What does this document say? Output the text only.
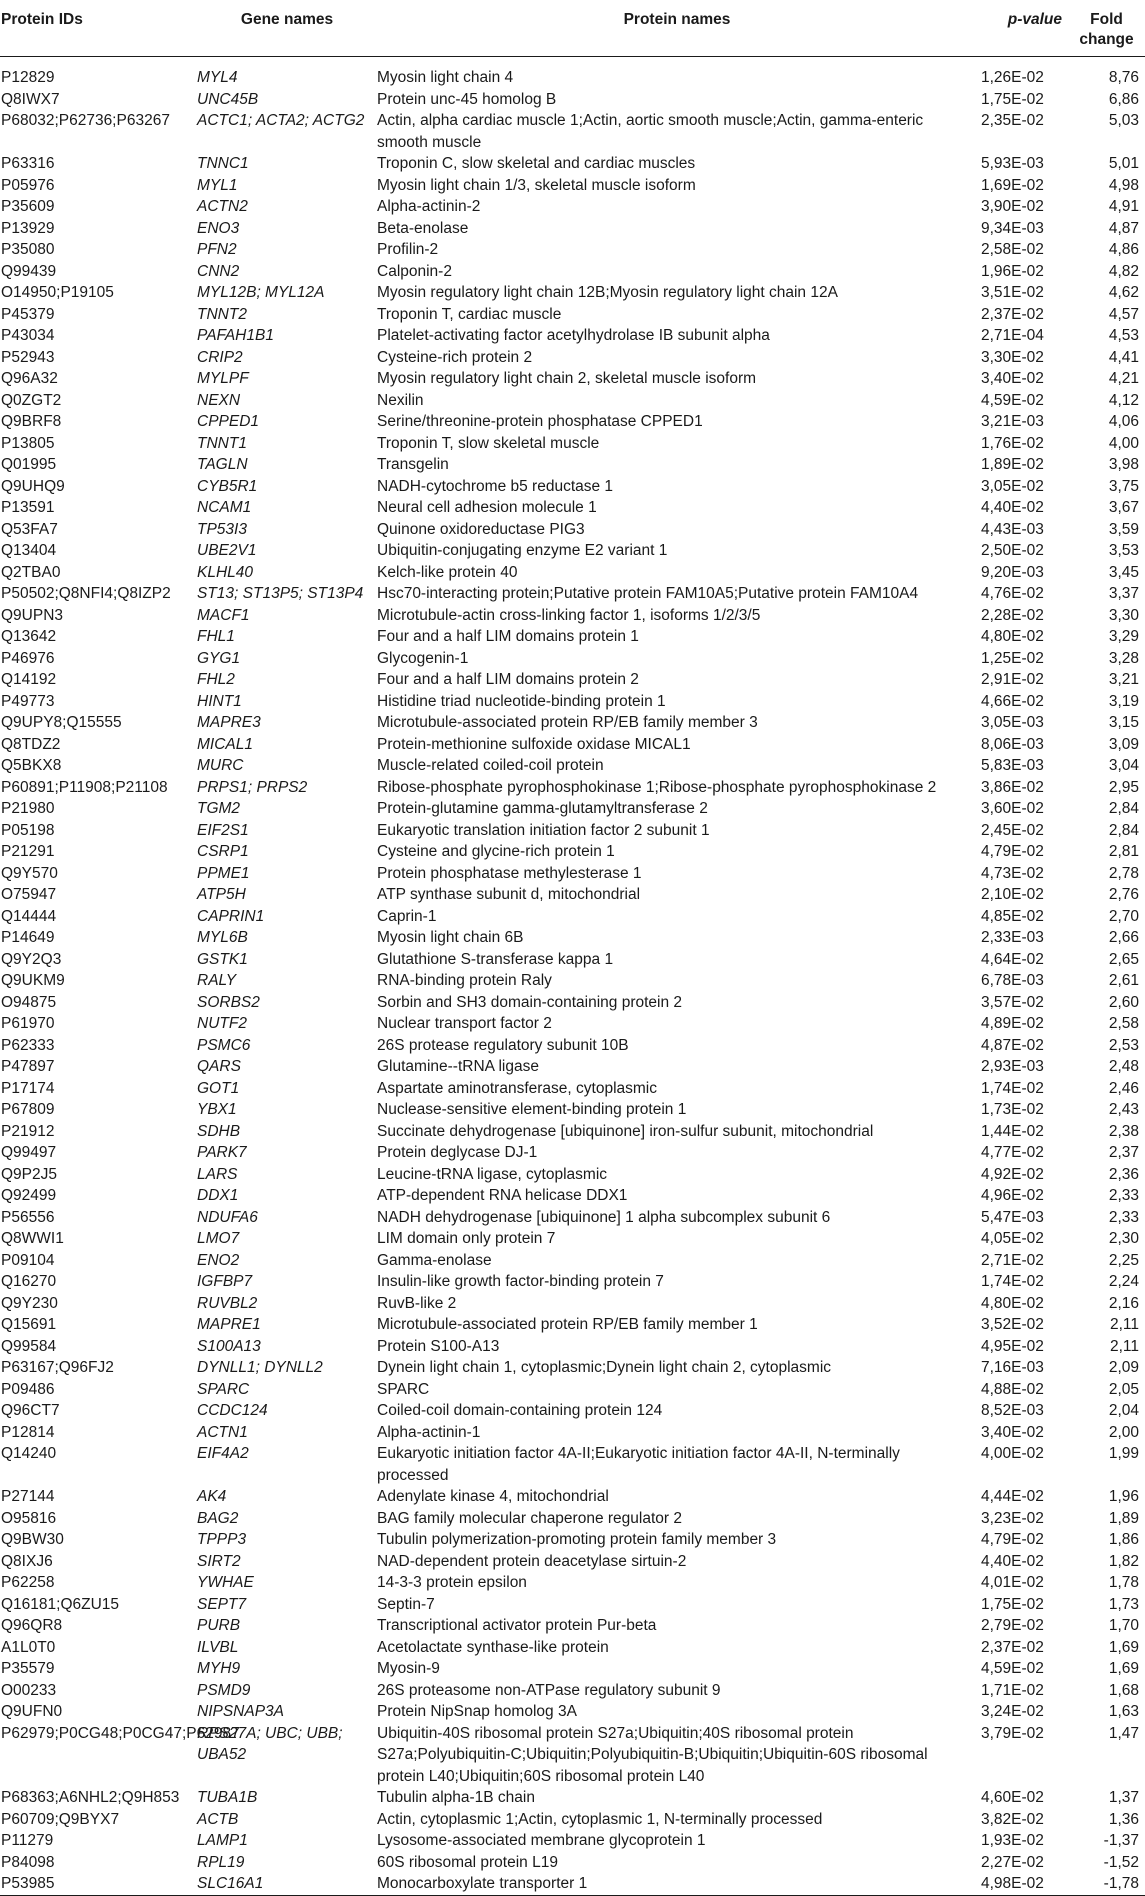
Protein IDs	Gene names	Protein names	p-value	Fold change

P12829	MYL4	Myosin light chain 4	1,26E-02	8,76
Q8IWX7	UNC45B	Protein unc-45 homolog B	1,75E-02	6,86
P68032;P62736;P63267	ACTC1; ACTA2; ACTG2	Actin, alpha cardiac muscle 1;Actin, aortic smooth muscle;Actin, gamma-enteric smooth muscle	2,35E-02	5,03
P63316	TNNC1	Troponin C, slow skeletal and cardiac muscles	5,93E-03	5,01
P05976	MYL1	Myosin light chain 1/3, skeletal muscle isoform	1,69E-02	4,98
P35609	ACTN2	Alpha-actinin-2	3,90E-02	4,91
P13929	ENO3	Beta-enolase	9,34E-03	4,87
P35080	PFN2	Profilin-2	2,58E-02	4,86
Q99439	CNN2	Calponin-2	1,96E-02	4,82
O14950;P19105	MYL12B; MYL12A	Myosin regulatory light chain 12B;Myosin regulatory light chain 12A	3,51E-02	4,62
P45379	TNNT2	Troponin T, cardiac muscle	2,37E-02	4,57
P43034	PAFAH1B1	Platelet-activating factor acetylhydrolase IB subunit alpha	2,71E-04	4,53
P52943	CRIP2	Cysteine-rich protein 2	3,30E-02	4,41
Q96A32	MYLPF	Myosin regulatory light chain 2, skeletal muscle isoform	3,40E-02	4,21
Q0ZGT2	NEXN	Nexilin	4,59E-02	4,12
Q9BRF8	CPPED1	Serine/threonine-protein phosphatase CPPED1	3,21E-03	4,06
P13805	TNNT1	Troponin T, slow skeletal muscle	1,76E-02	4,00
Q01995	TAGLN	Transgelin	1,89E-02	3,98
Q9UHQ9	CYB5R1	NADH-cytochrome b5 reductase 1	3,05E-02	3,75
P13591	NCAM1	Neural cell adhesion molecule 1	4,40E-02	3,67
Q53FA7	TP53I3	Quinone oxidoreductase PIG3	4,43E-03	3,59
Q13404	UBE2V1	Ubiquitin-conjugating enzyme E2 variant 1	2,50E-02	3,53
Q2TBA0	KLHL40	Kelch-like protein 40	9,20E-03	3,45
P50502;Q8NFI4;Q8IZP2	ST13; ST13P5; ST13P4	Hsc70-interacting protein;Putative protein FAM10A5;Putative protein FAM10A4	4,76E-02	3,37
Q9UPN3	MACF1	Microtubule-actin cross-linking factor 1, isoforms 1/2/3/5	2,28E-02	3,30
Q13642	FHL1	Four and a half LIM domains protein 1	4,80E-02	3,29
P46976	GYG1	Glycogenin-1	1,25E-02	3,28
Q14192	FHL2	Four and a half LIM domains protein 2	2,91E-02	3,21
P49773	HINT1	Histidine triad nucleotide-binding protein 1	4,66E-02	3,19
Q9UPY8;Q15555	MAPRE3	Microtubule-associated protein RP/EB family member 3	3,05E-03	3,15
Q8TDZ2	MICAL1	Protein-methionine sulfoxide oxidase MICAL1	8,06E-03	3,09
Q5BKX8	MURC	Muscle-related coiled-coil protein	5,83E-03	3,04
P60891;P11908;P21108	PRPS1; PRPS2	Ribose-phosphate pyrophosphokinase 1;Ribose-phosphate pyrophosphokinase 2	3,86E-02	2,95
P21980	TGM2	Protein-glutamine gamma-glutamyltransferase 2	3,60E-02	2,84
P05198	EIF2S1	Eukaryotic translation initiation factor 2 subunit 1	2,45E-02	2,84
P21291	CSRP1	Cysteine and glycine-rich protein 1	4,79E-02	2,81
Q9Y570	PPME1	Protein phosphatase methylesterase 1	4,73E-02	2,78
O75947	ATP5H	ATP synthase subunit d, mitochondrial	2,10E-02	2,76
Q14444	CAPRIN1	Caprin-1	4,85E-02	2,70
P14649	MYL6B	Myosin light chain 6B	2,33E-03	2,66
Q9Y2Q3	GSTK1	Glutathione S-transferase kappa 1	4,64E-02	2,65
Q9UKM9	RALY	RNA-binding protein Raly	6,78E-03	2,61
O94875	SORBS2	Sorbin and SH3 domain-containing protein 2	3,57E-02	2,60
P61970	NUTF2	Nuclear transport factor 2	4,89E-02	2,58
P62333	PSMC6	26S protease regulatory subunit 10B	4,87E-02	2,53
P47897	QARS	Glutamine--tRNA ligase	2,93E-03	2,48
P17174	GOT1	Aspartate aminotransferase, cytoplasmic	1,74E-02	2,46
P67809	YBX1	Nuclease-sensitive element-binding protein 1	1,73E-02	2,43
P21912	SDHB	Succinate dehydrogenase [ubiquinone] iron-sulfur subunit, mitochondrial	1,44E-02	2,38
Q99497	PARK7	Protein deglycase DJ-1	4,77E-02	2,37
Q9P2J5	LARS	Leucine-tRNA ligase, cytoplasmic	4,92E-02	2,36
Q92499	DDX1	ATP-dependent RNA helicase DDX1	4,96E-02	2,33
P56556	NDUFA6	NADH dehydrogenase [ubiquinone] 1 alpha subcomplex subunit 6	5,47E-03	2,33
Q8WWI1	LMO7	LIM domain only protein 7	4,05E-02	2,30
P09104	ENO2	Gamma-enolase	2,71E-02	2,25
Q16270	IGFBP7	Insulin-like growth factor-binding protein 7	1,74E-02	2,24
Q9Y230	RUVBL2	RuvB-like 2	4,80E-02	2,16
Q15691	MAPRE1	Microtubule-associated protein RP/EB family member 1	3,52E-02	2,11
Q99584	S100A13	Protein S100-A13	4,95E-02	2,11
P63167;Q96FJ2	DYNLL1; DYNLL2	Dynein light chain 1, cytoplasmic;Dynein light chain 2, cytoplasmic	7,16E-03	2,09
P09486	SPARC	SPARC	4,88E-02	2,05
Q96CT7	CCDC124	Coiled-coil domain-containing protein 124	8,52E-03	2,04
P12814	ACTN1	Alpha-actinin-1	3,40E-02	2,00
Q14240	EIF4A2	Eukaryotic initiation factor 4A-II;Eukaryotic initiation factor 4A-II, N-terminally processed	4,00E-02	1,99
P27144	AK4	Adenylate kinase 4, mitochondrial	4,44E-02	1,96
O95816	BAG2	BAG family molecular chaperone regulator 2	3,23E-02	1,89
Q9BW30	TPPP3	Tubulin polymerization-promoting protein family member 3	4,79E-02	1,86
Q8IXJ6	SIRT2	NAD-dependent protein deacetylase sirtuin-2	4,40E-02	1,82
P62258	YWHAE	14-3-3 protein epsilon	4,01E-02	1,78
Q16181;Q6ZU15	SEPT7	Septin-7	1,75E-02	1,73
Q96QR8	PURB	Transcriptional activator protein Pur-beta	2,79E-02	1,70
A1L0T0	ILVBL	Acetolactate synthase-like protein	2,37E-02	1,69
P35579	MYH9	Myosin-9	4,59E-02	1,69
O00233	PSMD9	26S proteasome non-ATPase regulatory subunit 9	1,71E-02	1,68
Q9UFN0	NIPSNAP3A	Protein NipSnap homolog 3A	3,24E-02	1,63
P62979;P0CG48;P0CG47;P62987	RPS27A; UBC; UBB; UBA52	Ubiquitin-40S ribosomal protein S27a;Ubiquitin;40S ribosomal protein S27a;Polyubiquitin-C;Ubiquitin;Polyubiquitin-B;Ubiquitin;Ubiquitin-60S ribosomal protein L40;Ubiquitin;60S ribosomal protein L40	3,79E-02	1,47
P68363;A6NHL2;Q9H853	TUBA1B	Tubulin alpha-1B chain	4,60E-02	1,37
P60709;Q9BYX7	ACTB	Actin, cytoplasmic 1;Actin, cytoplasmic 1, N-terminally processed	3,82E-02	1,36
P11279	LAMP1	Lysosome-associated membrane glycoprotein 1	1,93E-02	-1,37
P84098	RPL19	60S ribosomal protein L19	2,27E-02	-1,52
P53985	SLC16A1	Monocarboxylate transporter 1	4,98E-02	-1,78
